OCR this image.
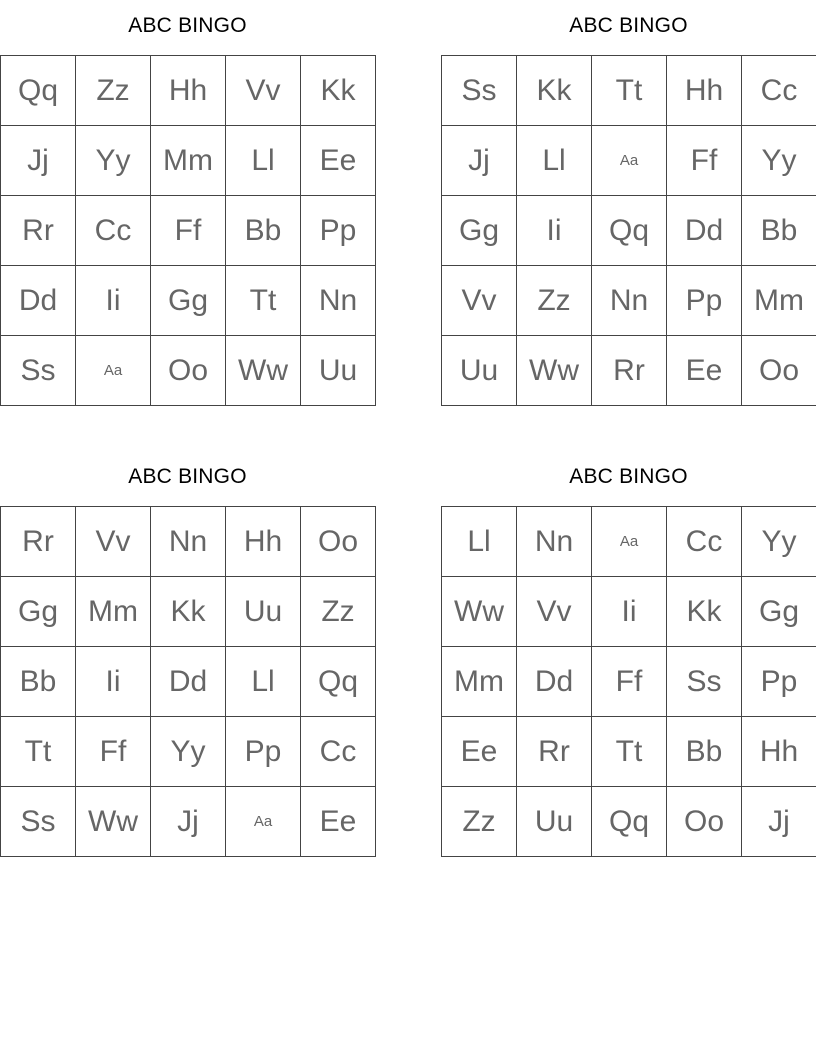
ABC BINGO
Qq	Zz	Hh	Vv	Kk
Jj	Yy	Mm	Ll	Ee
Rr	Cc	Ff	Bb	Pp
Dd	Ii	Gg	Tt	Nn
Ss	Aa	Oo	Ww	Uu
ABC BINGO
Ss	Kk	Tt	Hh	Cc
Jj	Ll	Aa	Ff	Yy
Gg	Ii	Qq	Dd	Bb
Vv	Zz	Nn	Pp	Mm
Uu	Ww	Rr	Ee	Oo
ABC BINGO
Rr	Vv	Nn	Hh	Oo
Gg	Mm	Kk	Uu	Zz
Bb	Ii	Dd	Ll	Qq
Tt	Ff	Yy	Pp	Cc
Ss	Ww	Jj	Aa	Ee
ABC BINGO
Ll	Nn	Aa	Cc	Yy
Ww	Vv	Ii	Kk	Gg
Mm	Dd	Ff	Ss	Pp
Ee	Rr	Tt	Bb	Hh
Zz	Uu	Qq	Oo	Jj
